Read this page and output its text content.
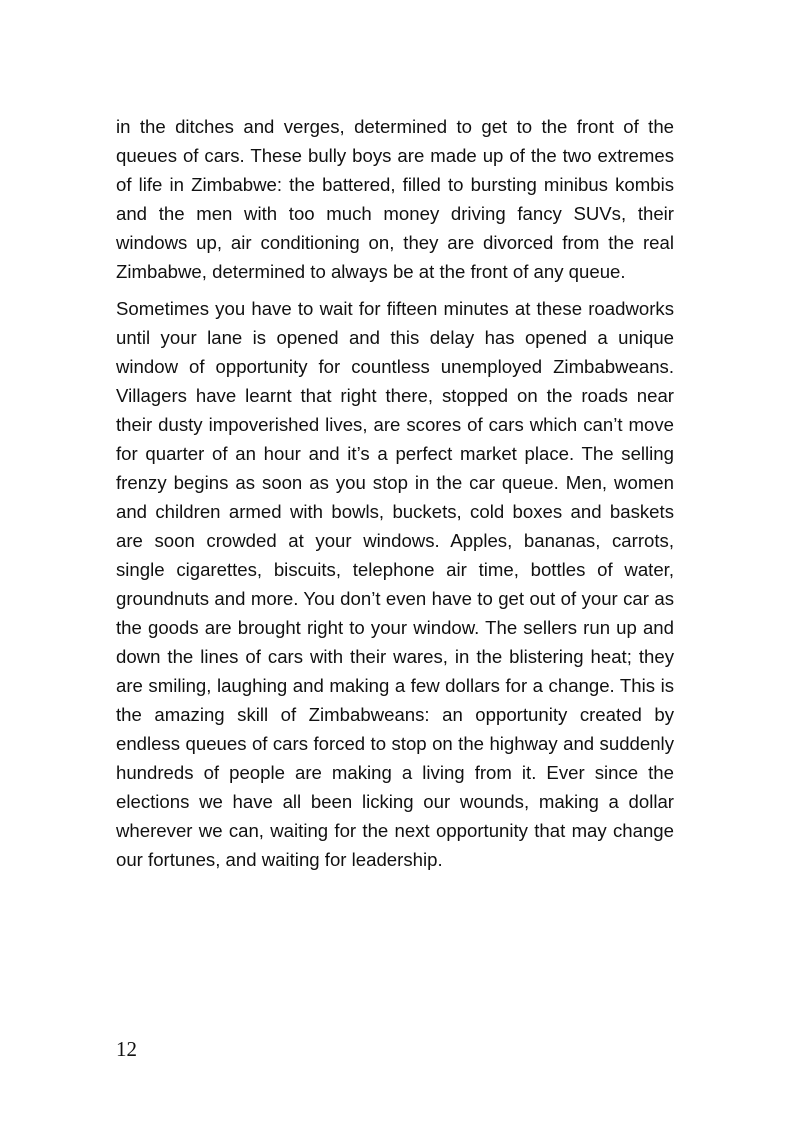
in the ditches and verges, determined to get to the front of the queues of cars. These bully boys are made up of the two extremes of life in Zimbabwe: the battered, filled to bursting minibus kombis and the men with too much money driving fancy SUVs, their windows up, air conditioning on, they are divorced from the real Zimbabwe, determined to always be at the front of any queue.

Sometimes you have to wait for fifteen minutes at these roadworks until your lane is opened and this delay has opened a unique window of opportunity for countless unemployed Zimbabweans. Villagers have learnt that right there, stopped on the roads near their dusty impoverished lives, are scores of cars which can’t move for quarter of an hour and it’s a perfect market place. The selling frenzy begins as soon as you stop in the car queue. Men, women and children armed with bowls, buckets, cold boxes and baskets are soon crowded at your windows. Apples, bananas, carrots, single cigarettes, biscuits, telephone air time, bottles of water, groundnuts and more. You don’t even have to get out of your car as the goods are brought right to your window. The sellers run up and down the lines of cars with their wares, in the blistering heat; they are smiling, laughing and making a few dollars for a change. This is the amazing skill of Zimbabweans: an opportunity created by endless queues of cars forced to stop on the highway and suddenly hundreds of people are making a living from it. Ever since the elections we have all been licking our wounds, making a dollar wherever we can, waiting for the next opportunity that may change our fortunes, and waiting for leadership.

12
